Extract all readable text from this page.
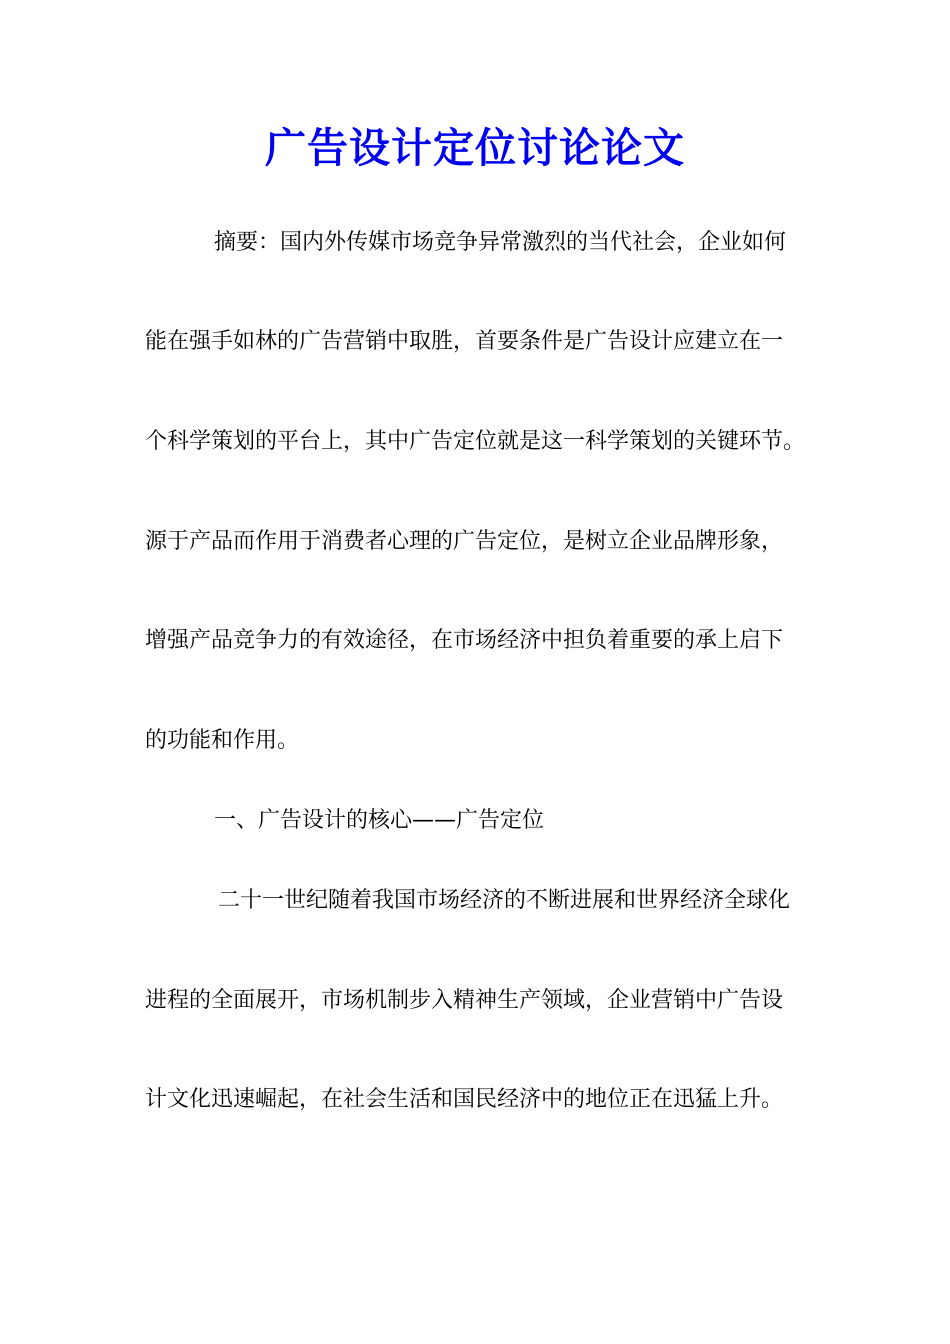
广告设计定位讨论论文
摘要：国内外传媒市场竞争异常激烈的当代社会，企业如何
能在强手如林的广告营销中取胜，首要条件是广告设计应建立在一
个科学策划的平台上，其中广告定位就是这一科学策划的关键环节。
源于产品而作用于消费者心理的广告定位，是树立企业品牌形象，
增强产品竞争力的有效途径，在市场经济中担负着重要的承上启下
的功能和作用。
一、广告设计的核心——广告定位
二十一世纪随着我国市场经济的不断进展和世界经济全球化
进程的全面展开，市场机制步入精神生产领域，企业营销中广告设
计文化迅速崛起，在社会生活和国民经济中的地位正在迅猛上升。
